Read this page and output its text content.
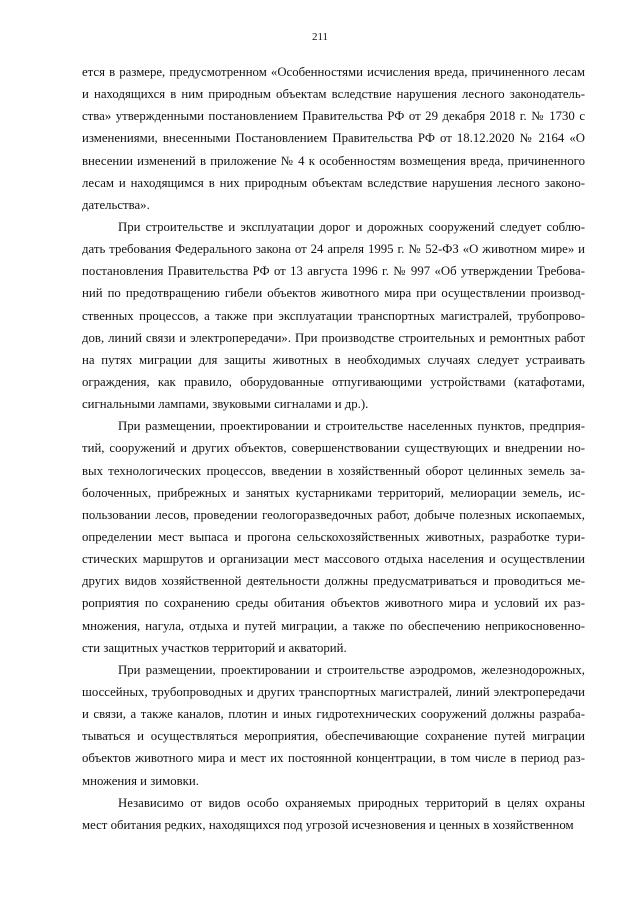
211
ется в размере, предусмотренном «Особенностями исчисления вреда, причиненного лесам
и находящихся в ним природным объектам вследствие нарушения лесного законодатель-
ства» утвержденными постановлением Правительства РФ от 29 декабря 2018 г. № 1730 с
изменениями, внесенными Постановлением Правительства РФ от 18.12.2020 № 2164 «О
внесении изменений в приложение № 4 к особенностям возмещения вреда, причиненного
лесам и находящимся в них природным объектам вследствие нарушения лесного законо-
дательства».
При строительстве и эксплуатации дорог и дорожных сооружений следует соблю-
дать требования Федерального закона от 24 апреля 1995 г. № 52-ФЗ «О животном мире» и
постановления Правительства РФ от 13 августа 1996 г. № 997 «Об утверждении Требова-
ний по предотвращению гибели объектов животного мира при осуществлении производ-
ственных процессов, а также при эксплуатации транспортных магистралей, трубопрово-
дов, линий связи и электропередачи». При производстве строительных и ремонтных работ
на путях миграции для защиты животных в необходимых случаях следует устраивать
ограждения, как правило, оборудованные отпугивающими устройствами (катафотами,
сигнальными лампами, звуковыми сигналами и др.).
При размещении, проектировании и строительстве населенных пунктов, предприя-
тий, сооружений и других объектов, совершенствовании существующих и внедрении но-
вых технологических процессов, введении в хозяйственный оборот целинных земель за-
болоченных, прибрежных и занятых кустарниками территорий, мелиорации земель, ис-
пользовании лесов, проведении геологоразведочных работ, добыче полезных ископаемых,
определении мест выпаса и прогона сельскохозяйственных животных, разработке тури-
стических маршрутов и организации мест массового отдыха населения и осуществлении
других видов хозяйственной деятельности должны предусматриваться и проводиться ме-
роприятия по сохранению среды обитания объектов животного мира и условий их раз-
множения, нагула, отдыха и путей миграции, а также по обеспечению неприкосновенно-
сти защитных участков территорий и акваторий.
При размещении, проектировании и строительстве аэродромов, железнодорожных,
шоссейных, трубопроводных и других транспортных магистралей, линий электропередачи
и связи, а также каналов, плотин и иных гидротехнических сооружений должны разраба-
тываться и осуществляться мероприятия, обеспечивающие сохранение путей миграции
объектов животного мира и мест их постоянной концентрации, в том числе в период раз-
множения и зимовки.
Независимо от видов особо охраняемых природных территорий в целях охраны
мест обитания редких, находящихся под угрозой исчезновения и ценных в хозяйственном
